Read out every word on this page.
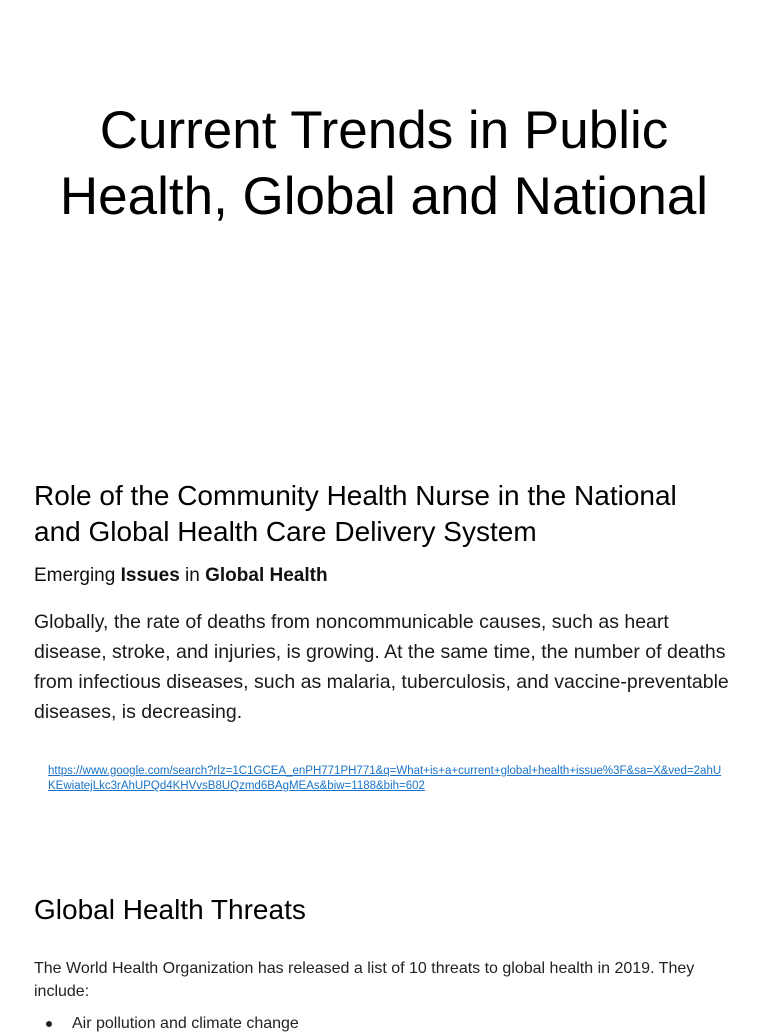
Current Trends in Public
Health, Global and National
Role of the Community Health Nurse in the National
and Global Health Care Delivery System

Emerging Issues in Global Health

Globally, the rate of deaths from noncommunicable causes, such as heart disease, stroke, and injuries, is growing. At the same time, the number of deaths from infectious diseases, such as malaria, tuberculosis, and vaccine-preventable diseases, is decreasing.

https://www.google.com/search?rlz=1C1GCEA_enPH771PH771&q=What+is+a+current+global+health+issue%3F&sa=X&ved=2ahUKEwiatejLkc3rAhUPQd4KHVvsB8UQzmd6BAgMEAs&biw=1188&bih=602
Global Health Threats

The World Health Organization has released a list of 10 threats to global health in 2019. They include:

Air pollution and climate change
